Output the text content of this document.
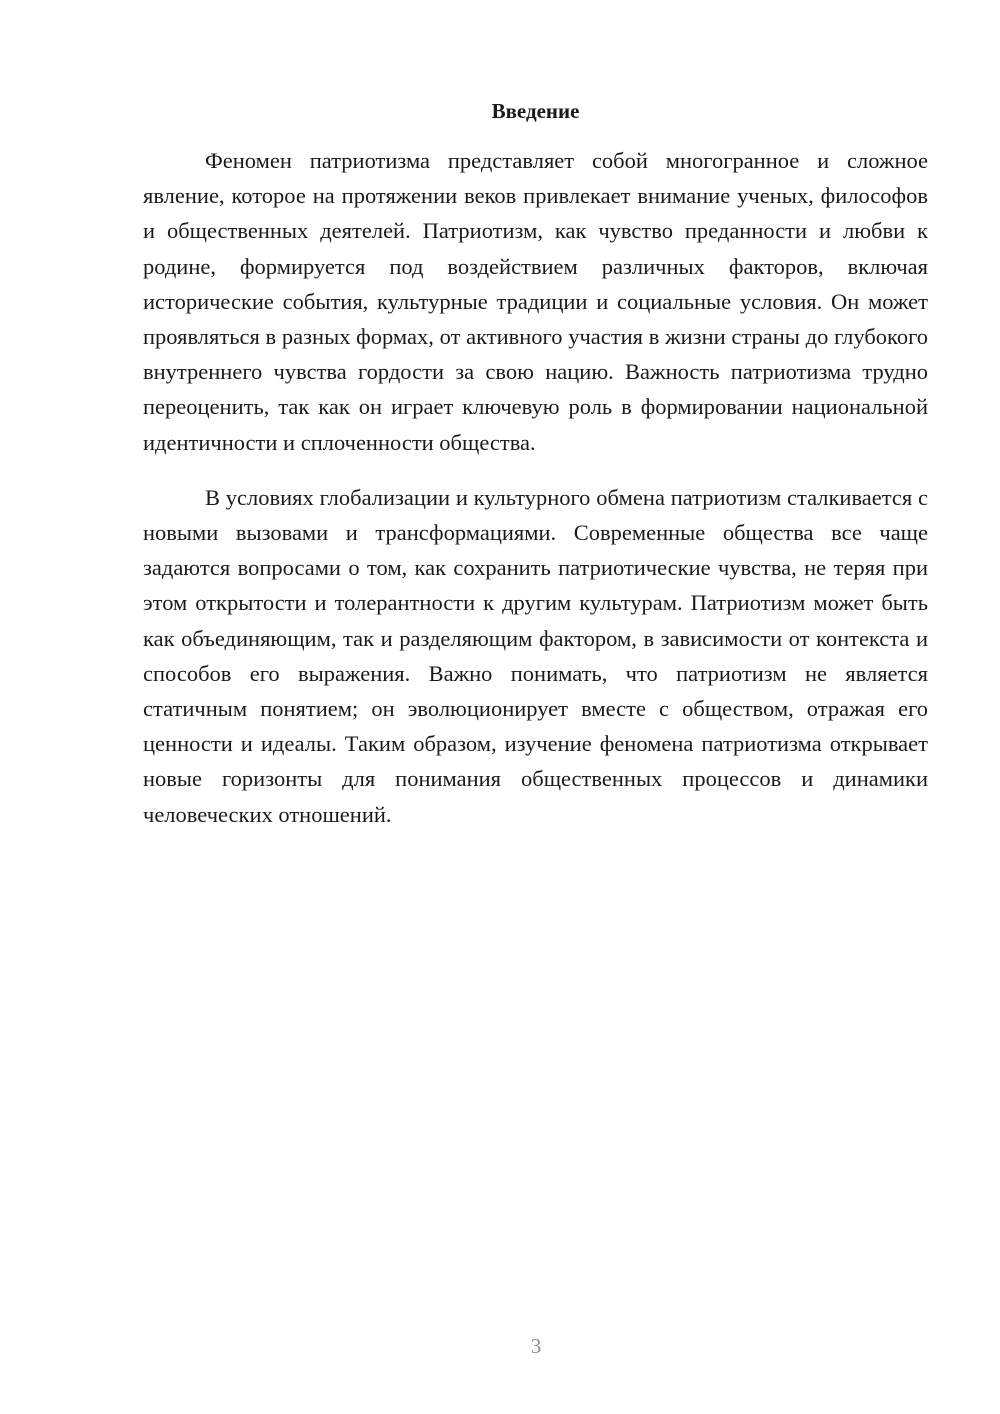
Введение

Феномен патриотизма представляет собой многогранное и сложное явление, которое на протяжении веков привлекает внимание ученых, философов и общественных деятелей. Патриотизм, как чувство преданности и любви к родине, формируется под воздействием различных факторов, включая исторические события, культурные традиции и социальные условия. Он может проявляться в разных формах, от активного участия в жизни страны до глубокого внутреннего чувства гордости за свою нацию. Важность патриотизма трудно переоценить, так как он играет ключевую роль в формировании национальной идентичности и сплоченности общества.

В условиях глобализации и культурного обмена патриотизм сталкивается с новыми вызовами и трансформациями. Современные общества все чаще задаются вопросами о том, как сохранить патриотические чувства, не теряя при этом открытости и толерантности к другим культурам. Патриотизм может быть как объединяющим, так и разделяющим фактором, в зависимости от контекста и способов его выражения. Важно понимать, что патриотизм не является статичным понятием; он эволюционирует вместе с обществом, отражая его ценности и идеалы. Таким образом, изучение феномена патриотизма открывает новые горизонты для понимания общественных процессов и динамики человеческих отношений.

3
